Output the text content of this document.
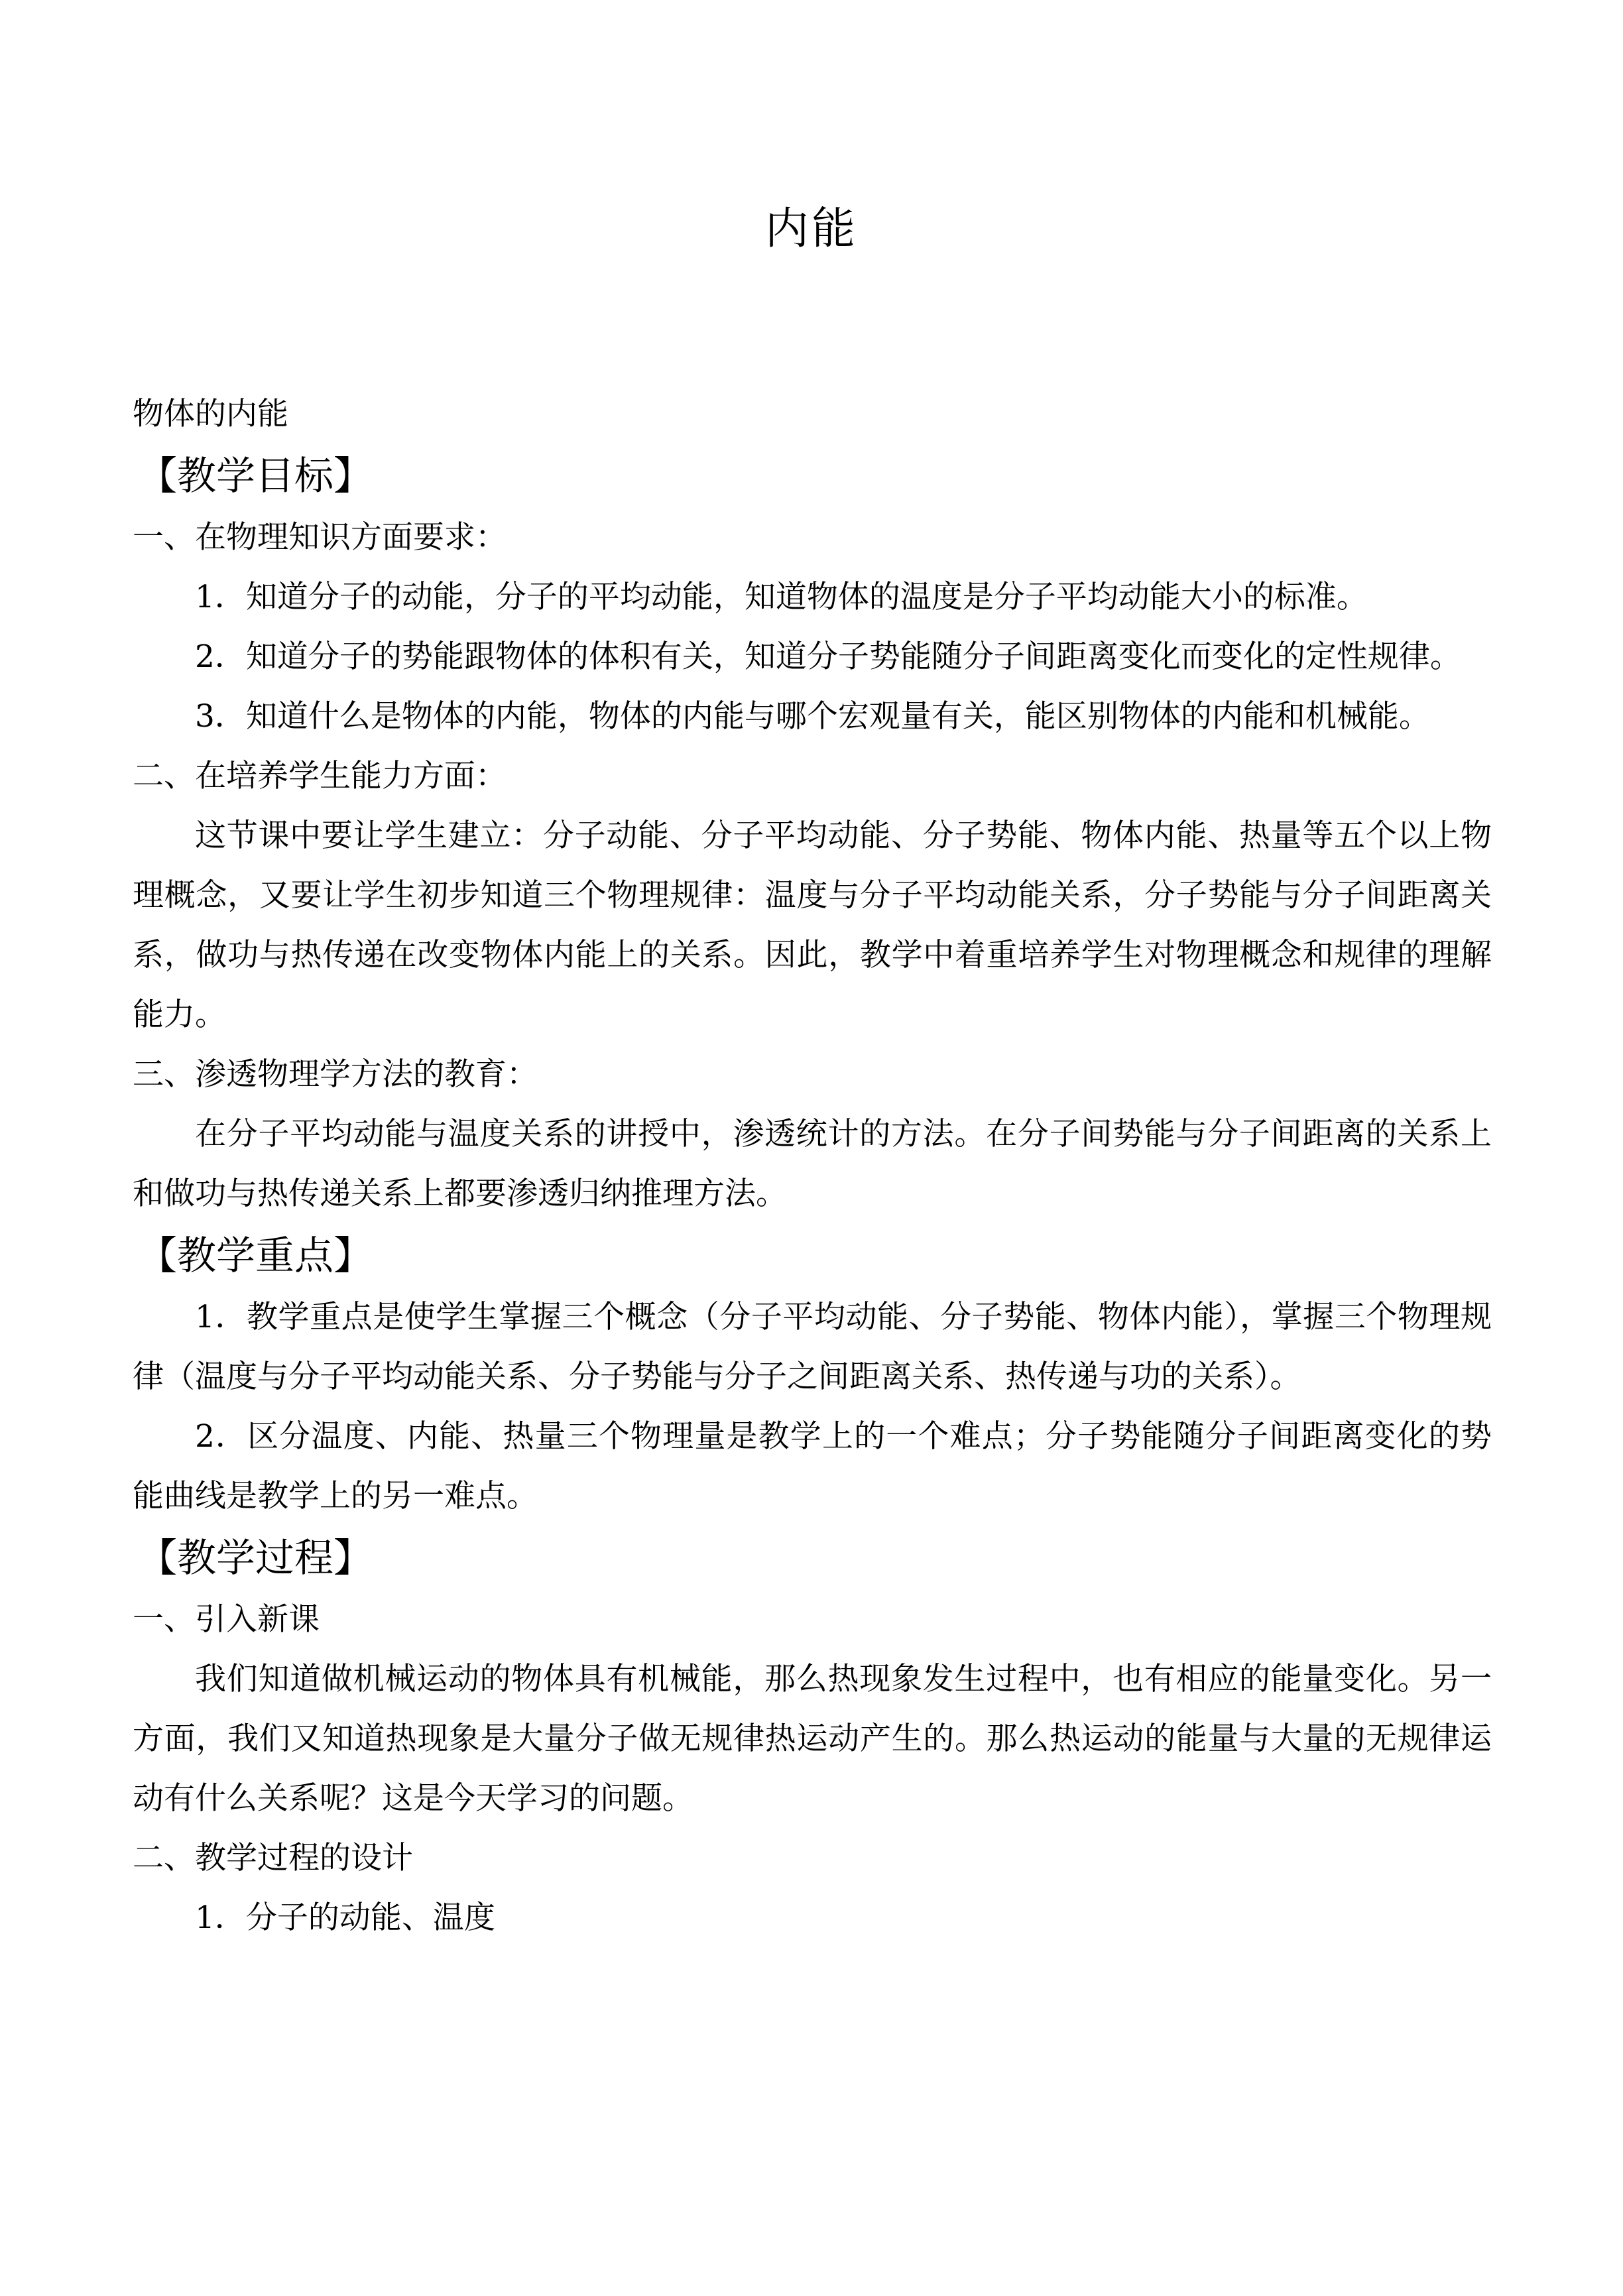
内能
物体的内能
【教学目标】
一、在物理知识方面要求：
1．知道分子的动能，分子的平均动能，知道物体的温度是分子平均动能大小的标准。
2．知道分子的势能跟物体的体积有关，知道分子势能随分子间距离变化而变化的定性规律。
3．知道什么是物体的内能，物体的内能与哪个宏观量有关，能区别物体的内能和机械能。
二、在培养学生能力方面：
这节课中要让学生建立：分子动能、分子平均动能、分子势能、物体内能、热量等五个以上物理概念，又要让学生初步知道三个物理规律：温度与分子平均动能关系，分子势能与分子间距离关系，做功与热传递在改变物体内能上的关系。因此，教学中着重培养学生对物理概念和规律的理解能力。
三、渗透物理学方法的教育：
在分子平均动能与温度关系的讲授中，渗透统计的方法。在分子间势能与分子间距离的关系上和做功与热传递关系上都要渗透归纳推理方法。
【教学重点】
1．教学重点是使学生掌握三个概念（分子平均动能、分子势能、物体内能），掌握三个物理规律（温度与分子平均动能关系、分子势能与分子之间距离关系、热传递与功的关系）。
2．区分温度、内能、热量三个物理量是教学上的一个难点；分子势能随分子间距离变化的势能曲线是教学上的另一难点。
【教学过程】
一、引入新课
我们知道做机械运动的物体具有机械能，那么热现象发生过程中，也有相应的能量变化。另一方面，我们又知道热现象是大量分子做无规律热运动产生的。那么热运动的能量与大量的无规律运动有什么关系呢？这是今天学习的问题。
二、教学过程的设计
1．分子的动能、温度
